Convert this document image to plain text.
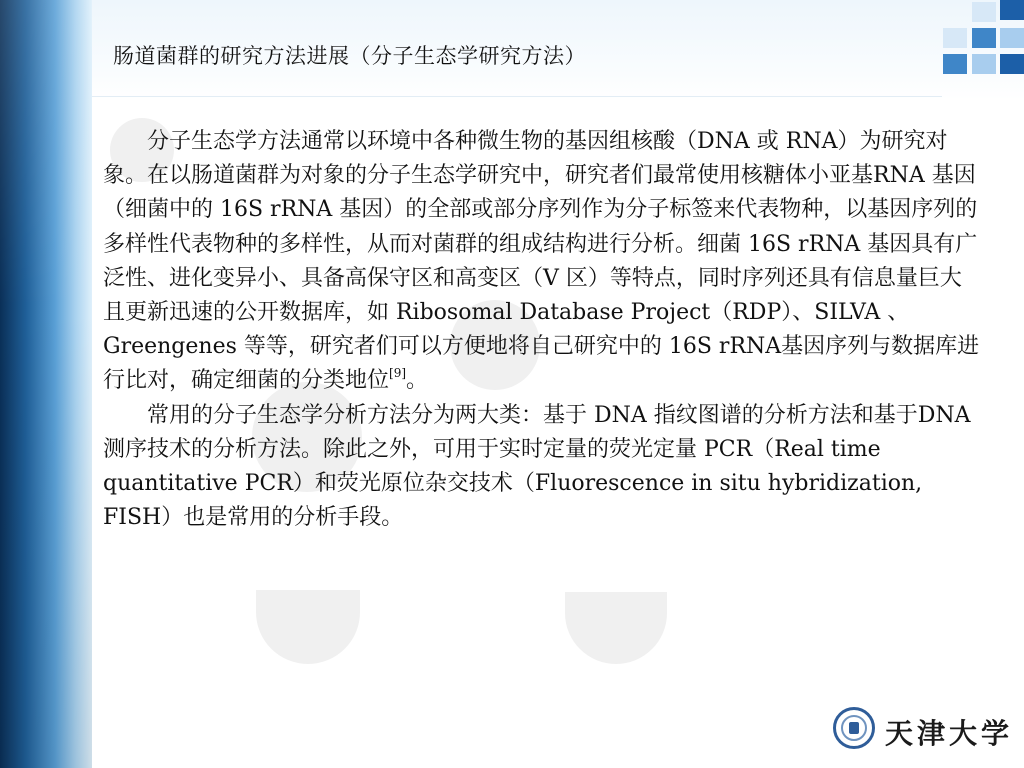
肠道菌群的研究方法进展（分子生态学研究方法）

分子生态学方法通常以环境中各种微生物的基因组核酸（DNA 或 RNA）为研究对象。在以肠道菌群为对象的分子生态学研究中，研究者们最常使用核糖体小亚基RNA 基因（细菌中的 16S rRNA 基因）的全部或部分序列作为分子标签来代表物种，以基因序列的多样性代表物种的多样性，从而对菌群的组成结构进行分析。细菌 16S rRNA 基因具有广泛性、进化变异小、具备高保守区和高变区（V 区）等特点，同时序列还具有信息量巨大且更新迅速的公开数据库，如 Ribosomal Database Project（RDP）、SILVA 、Greengenes 等等，研究者们可以方便地将自己研究中的 16S rRNA基因序列与数据库进行比对，确定细菌的分类地位[9]。

常用的分子生态学分析方法分为两大类：基于 DNA 指纹图谱的分析方法和基于DNA 测序技术的分析方法。除此之外，可用于实时定量的荧光定量 PCR（Real time quantitative PCR）和荧光原位杂交技术（Fluorescence in situ hybridization, FISH）也是常用的分析手段。

天津大学
